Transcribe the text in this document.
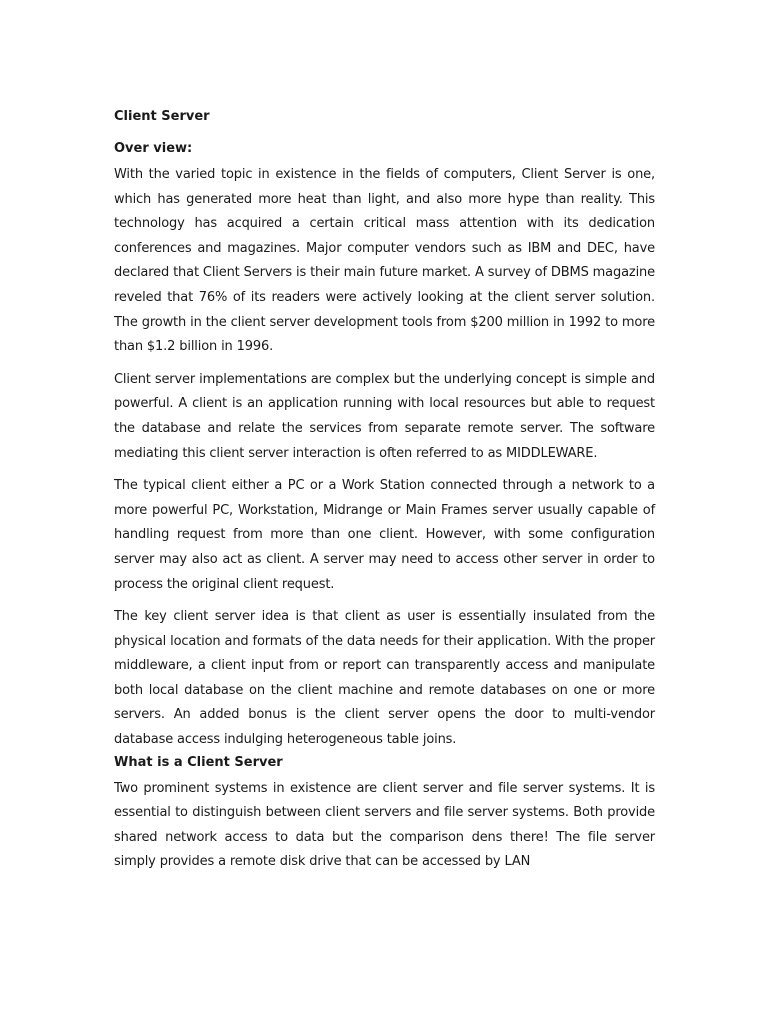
Client Server
Over view:

With the varied topic in existence in the fields of computers, Client Server is one, which has generated more heat than light, and also more hype than reality. This technology has acquired a certain critical mass attention with its dedication conferences and magazines. Major computer vendors such as IBM and DEC, have declared that Client Servers is their main future market. A survey of DBMS magazine reveled that 76% of its readers were actively looking at the client server solution. The growth in the client server development tools from $200 million in 1992 to more than $1.2 billion in 1996.

Client server implementations are complex but the underlying concept is simple and powerful. A client is an application running with local resources but able to request the database and relate the services from separate remote server. The software mediating this client server interaction is often referred to as MIDDLEWARE.

The typical client either a PC or a Work Station connected through a network to a more powerful PC, Workstation, Midrange or Main Frames server usually capable of handling request from more than one client. However, with some configuration server may also act as client. A server may need to access other server in order to process the original client request.

The key client server idea is that client as user is essentially insulated from the physical location and formats of the data needs for their application. With the proper middleware, a client input from or report can transparently access and manipulate both local database on the client machine and remote databases on one or more servers. An added bonus is the client server opens the door to multi-vendor database access indulging heterogeneous table joins.

What is a Client Server

Two prominent systems in existence are client server and file server systems. It is essential to distinguish between client servers and file server systems. Both provide shared network access to data but the comparison dens there! The file server simply provides a remote disk drive that can be accessed by LAN
